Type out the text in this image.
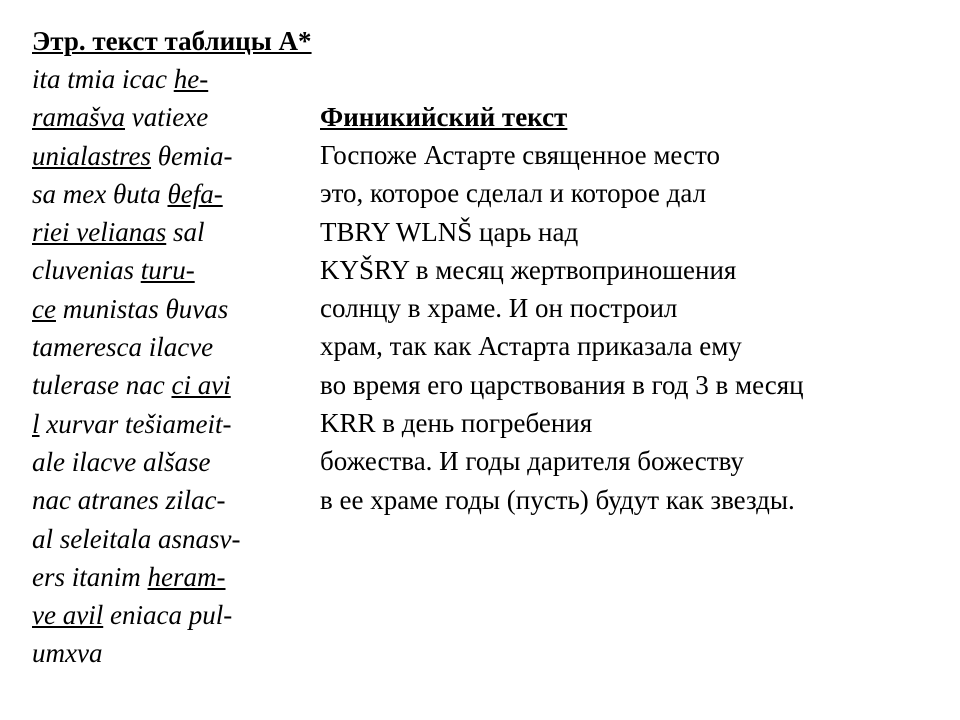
Этр. текст таблицы А*
ita tmia icac he-
ramašva vatiexe
unialastres θemia-
sa mex θuta θefa-
riei velianas sal
cluvenias turu-
ce munistas θuvas
tameresca ilacve
tulerase nac ci avi
l xurvar tešiameit-
ale ilacve alšase
nac atranes zilac-
al seleitala asnasv-
ers itanim heram-
ve avil eniaca pul-
umxva
Финикийский текст
Госпоже Астарте священное место
это, которое сделал и которое дал
TBRY WLNŠ царь над
KYŠRY в месяц жертвоприношения
солнцу в храме. И он построил
храм, так как Астарта приказала ему
во время его царствования в год 3 в месяц
KRR в день погребения
божества. И годы дарителя божеству
в ее храме годы (пусть) будут как звезды.
